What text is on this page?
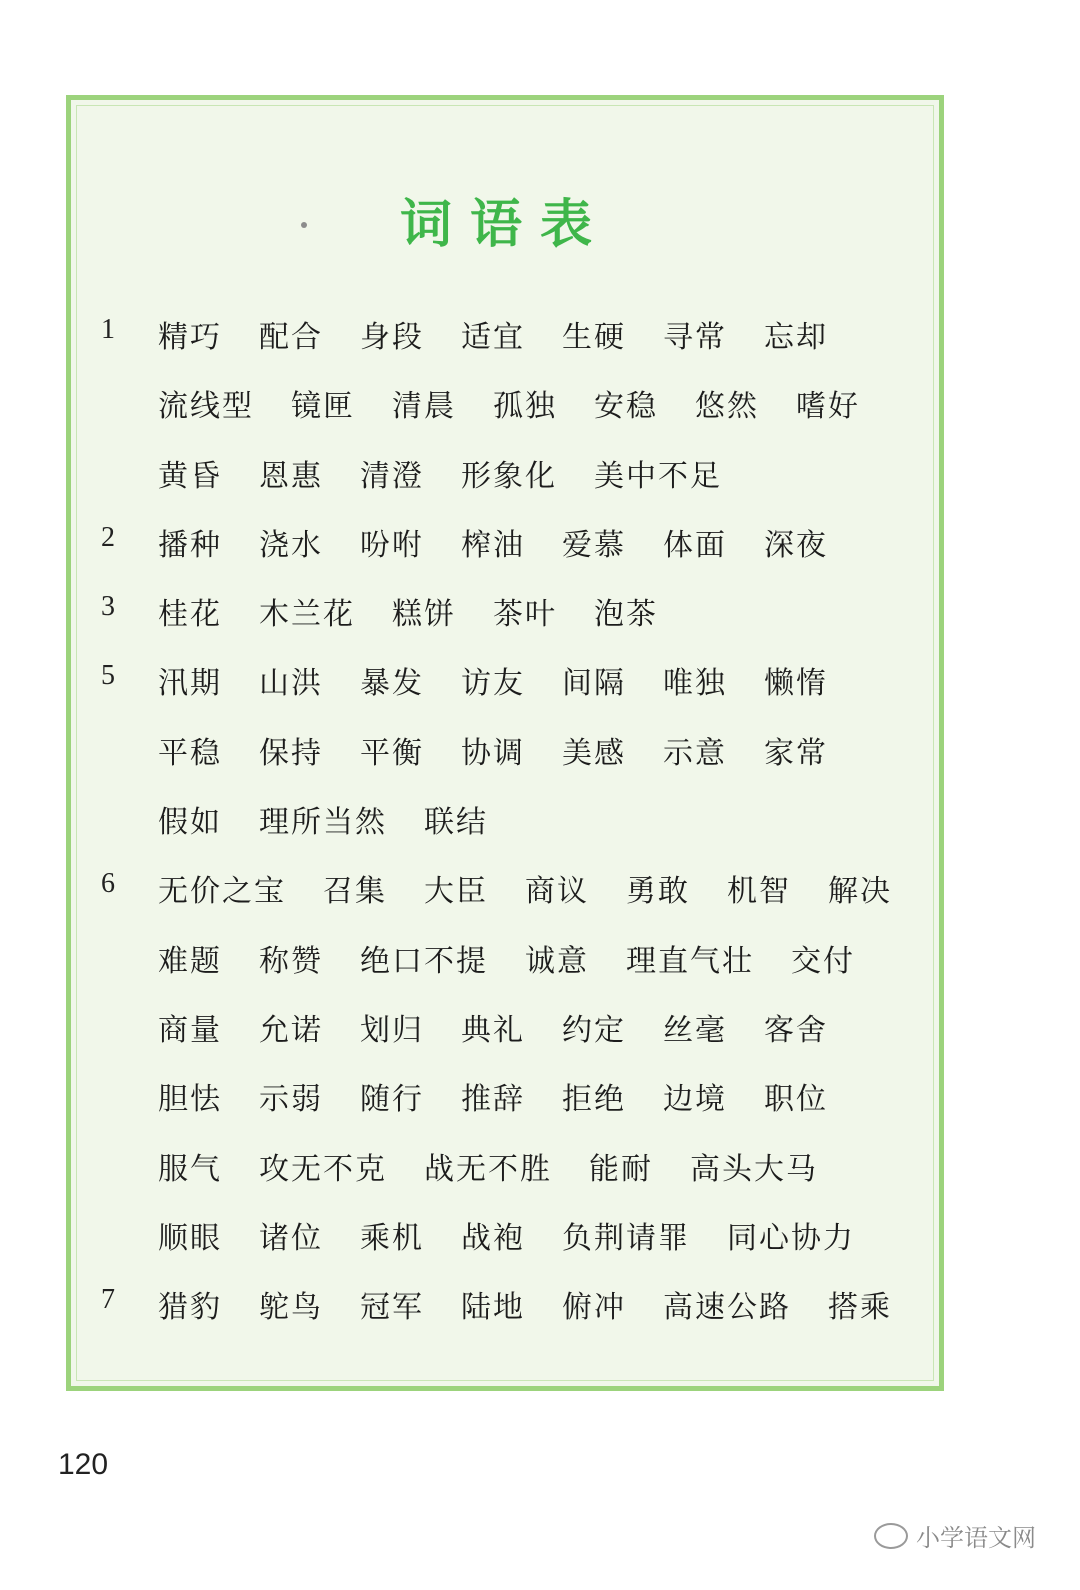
词语表
1 精巧 配合 身段 适宜 生硬 寻常 忘却
流线型 镜匣 清晨 孤独 安稳 悠然 嗜好
黄昏 恩惠 清澄 形象化 美中不足
2 播种 浇水 吩咐 榨油 爱慕 体面 深夜
3 桂花 木兰花 糕饼 茶叶 泡茶
5 汛期 山洪 暴发 访友 间隔 唯独 懒惰
平稳 保持 平衡 协调 美感 示意 家常
假如 理所当然 联结
6 无价之宝 召集 大臣 商议 勇敢 机智 解决
难题 称赞 绝口不提 诚意 理直气壮 交付
商量 允诺 划归 典礼 约定 丝毫 客舍
胆怯 示弱 随行 推辞 拒绝 边境 职位
服气 攻无不克 战无不胜 能耐 高头大马
顺眼 诸位 乘机 战袍 负荆请罪 同心协力
7 猎豹 鸵鸟 冠军 陆地 俯冲 高速公路 搭乘
120
小学语文网
